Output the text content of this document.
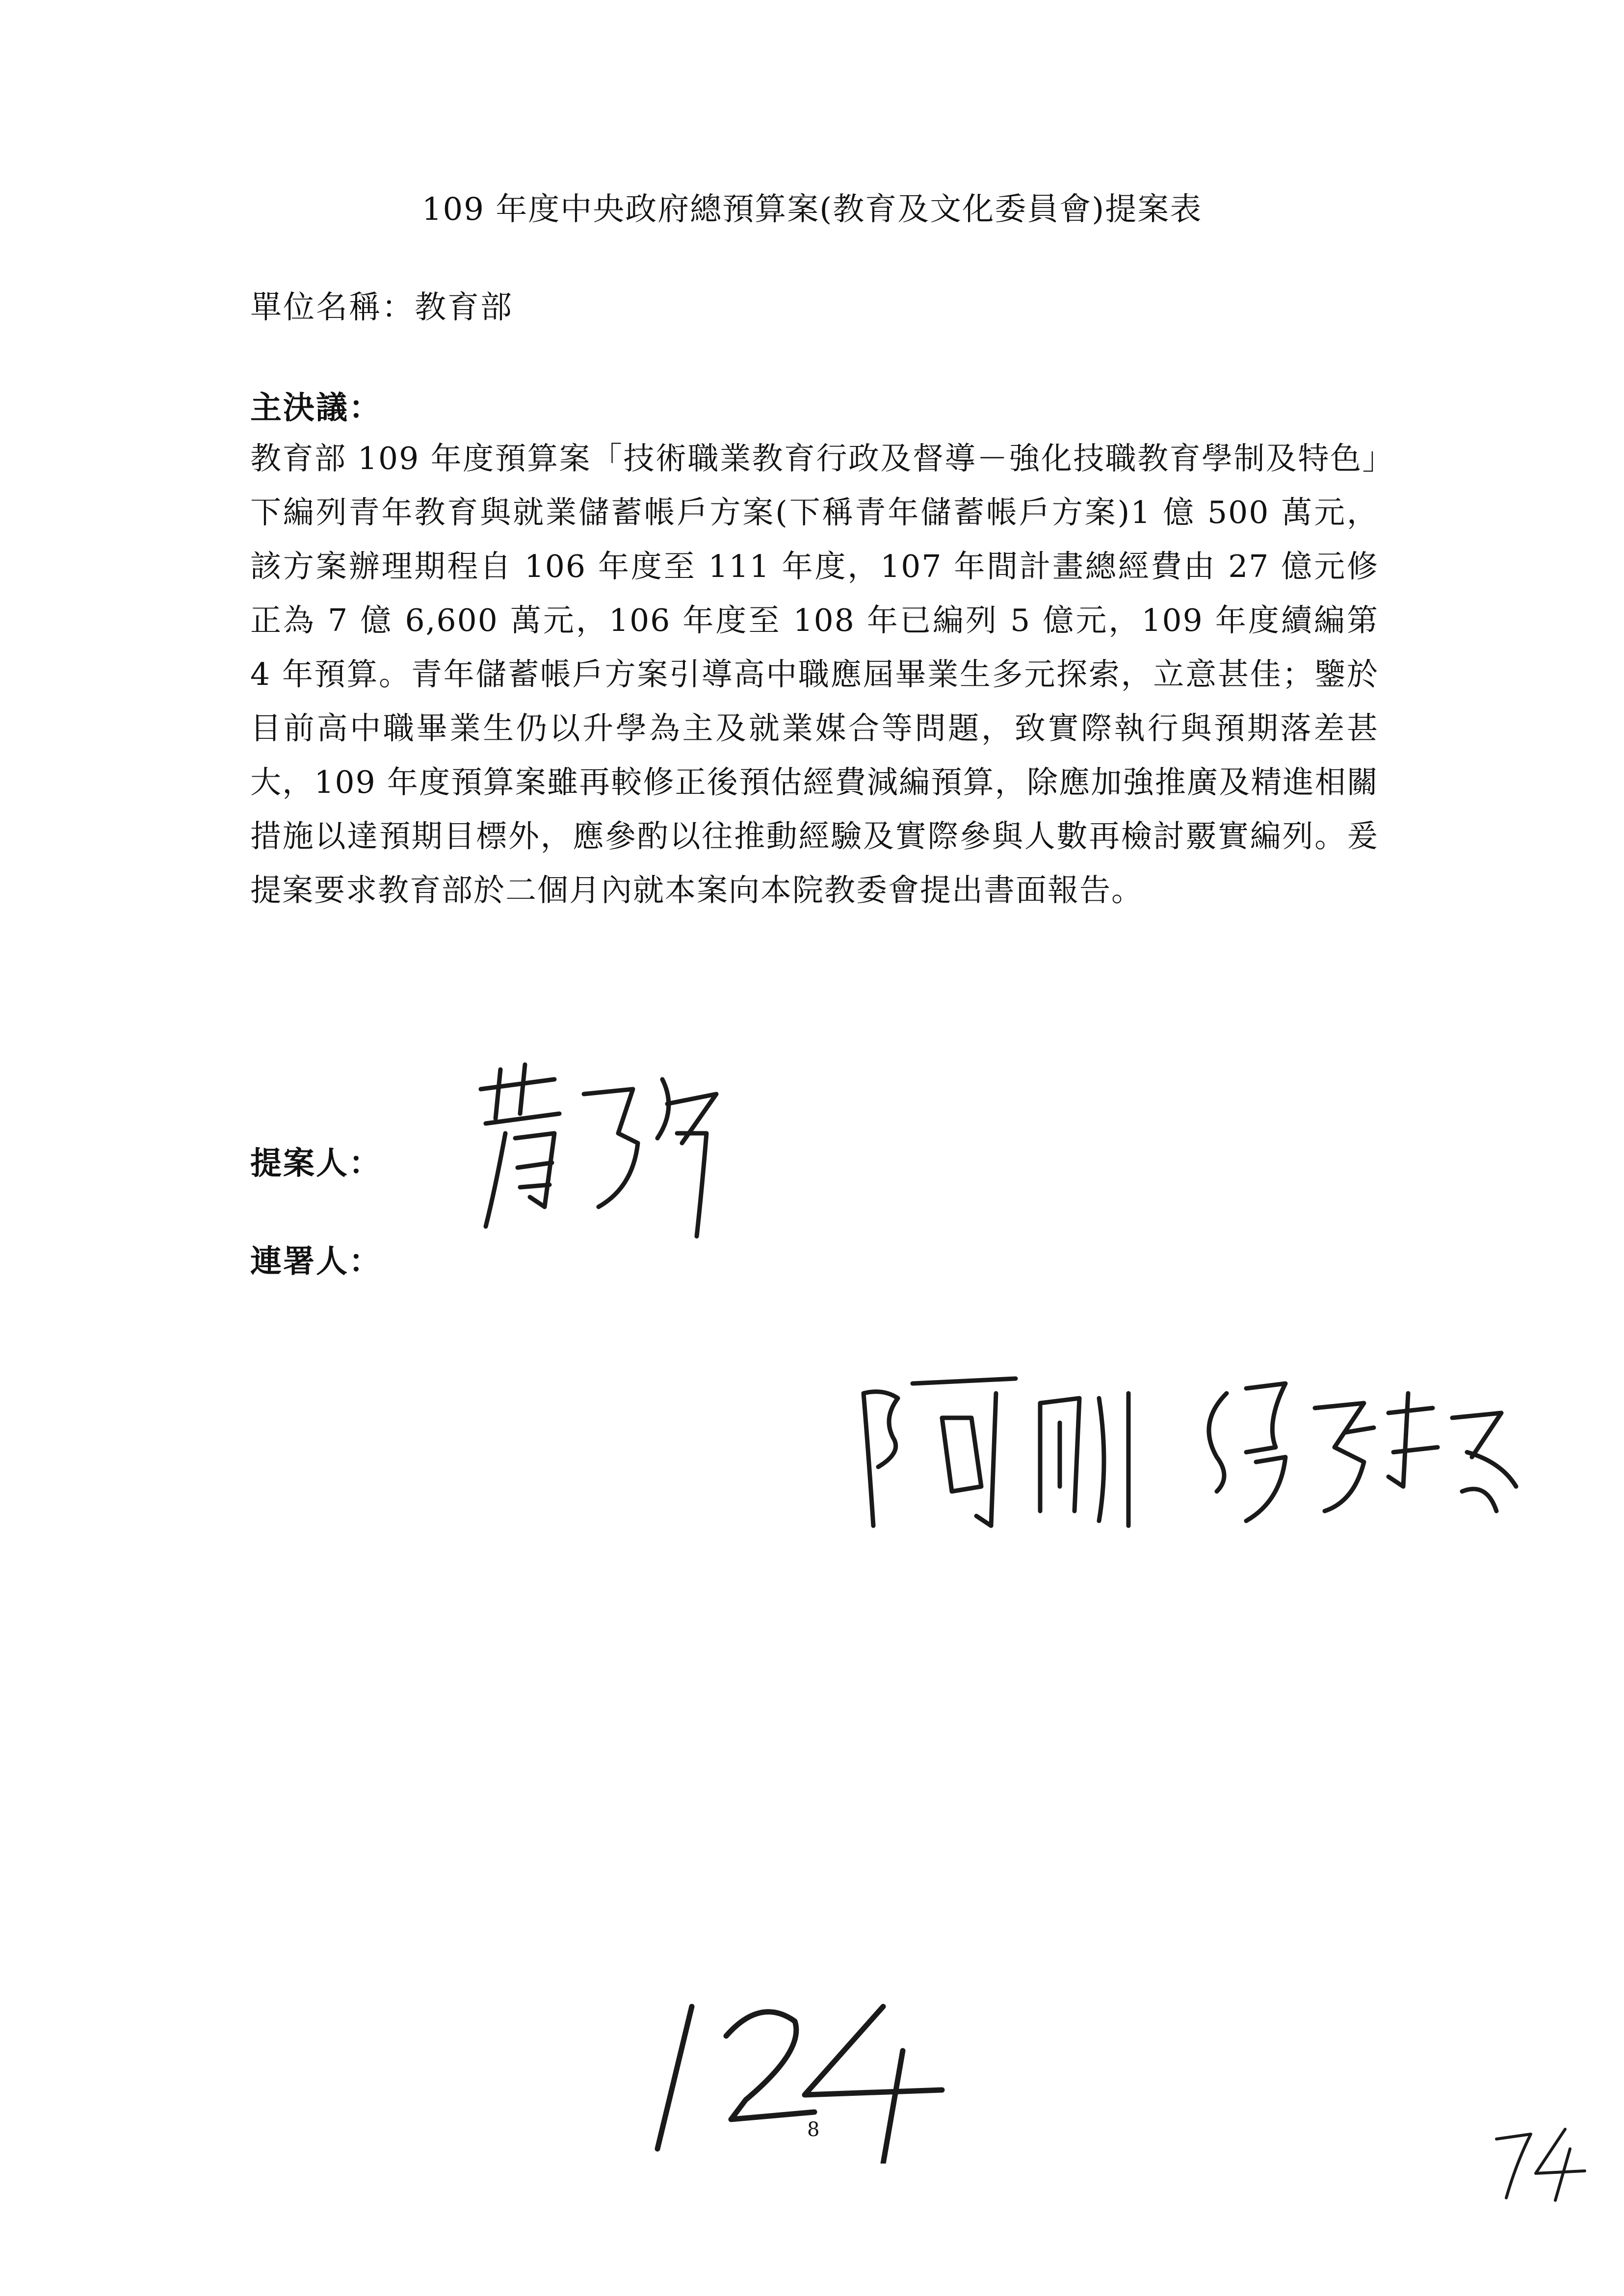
109 年度中央政府總預算案(教育及文化委員會)提案表
單位名稱：教育部
主決議：
教育部 109 年度預算案「技術職業教育行政及督導－強化技職教育學制及特色」下編列青年教育與就業儲蓄帳戶方案(下稱青年儲蓄帳戶方案)1 億 500 萬元，該方案辦理期程自 106 年度至 111 年度，107 年間計畫總經費由 27 億元修正為 7 億 6,600 萬元，106 年度至 108 年已編列 5 億元，109 年度續編第 4 年預算。青年儲蓄帳戶方案引導高中職應屆畢業生多元探索，立意甚佳；鑒於目前高中職畢業生仍以升學為主及就業媒合等問題，致實際執行與預期落差甚大，109 年度預算案雖再較修正後預估經費減編預算，除應加強推廣及精進相關措施以達預期目標外，應參酌以往推動經驗及實際參與人數再檢討覈實編列。爰提案要求教育部於二個月內就本案向本院教委會提出書面報告。
提案人：
連署人：
8
